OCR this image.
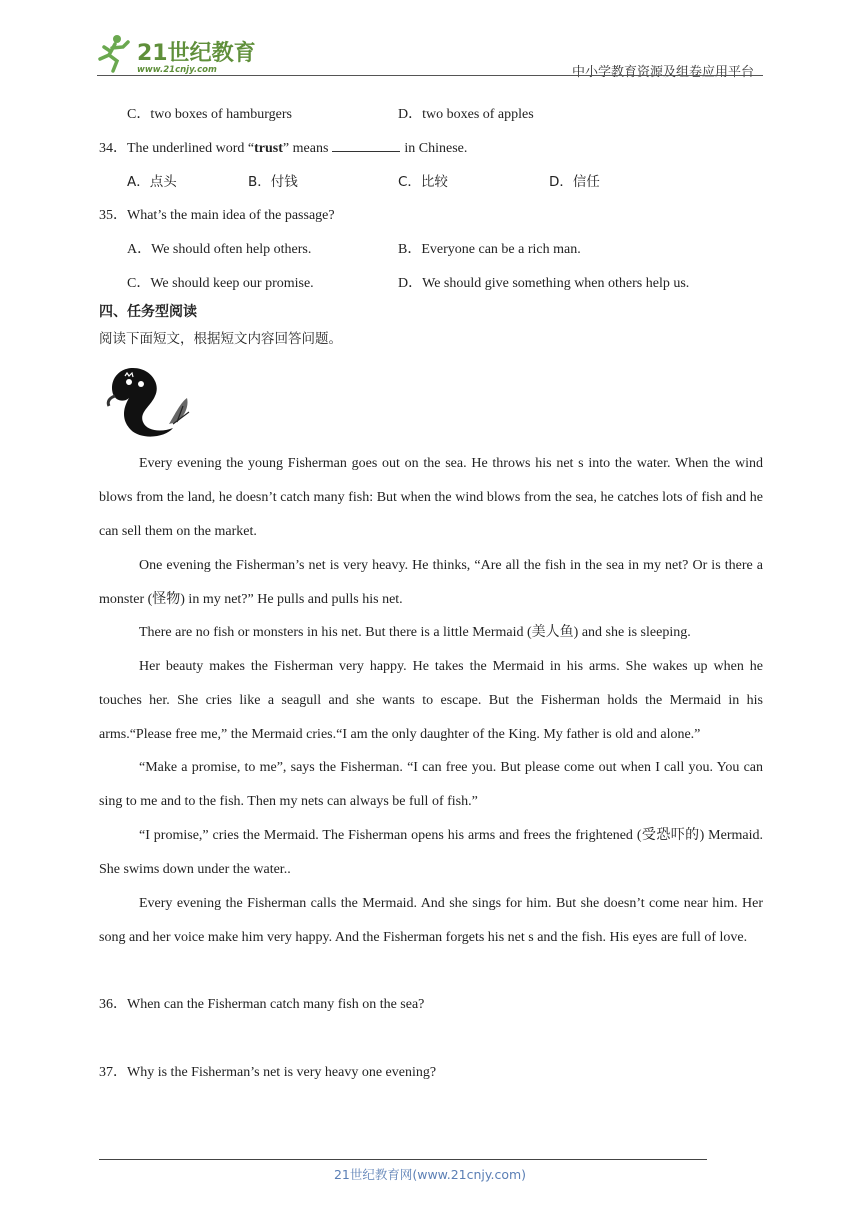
21世纪教育
www.21cnjy.com	中小学教育资源及组卷应用平台
C．two boxes of hamburgers	D．two boxes of apples
34．The underlined word “trust” means	in Chinese.
A．点头	B．付钱	C．比较	D．信任
35．What’s the main idea of the passage?
A．We should often help others.	B．Everyone can be a rich man.
C．We should keep our promise.	D．We should give something when others help us.
四、任务型阅读
阅读下面短文，根据短文内容回答问题。
Every evening the young Fisherman goes out on the sea. He throws his net s into the water. When the wind blows from the land, he doesn’t catch many fish: But when the wind blows from the sea, he catches lots of fish and he can sell them on the market.
One evening the Fisherman’s net is very heavy. He thinks, “Are all the fish in the sea in my net? Or is there a monster (怪物) in my net?” He pulls and pulls his net.
There are no fish or monsters in his net. But there is a little Mermaid (美人鱼) and she is sleeping.
Her beauty makes the Fisherman very happy. He takes the Mermaid in his arms. She wakes up when he touches her. She cries like a seagull and she wants to escape. But the Fisherman holds the Mermaid in his arms.“Please free me,” the Mermaid cries.“I am the only daughter of the King. My father is old and alone.”
“Make a promise, to me”, says the Fisherman. “I can free you. But please come out when I call you. You can sing to me and to the fish. Then my nets can always be full of fish.”
“I promise,” cries the Mermaid. The Fisherman opens his arms and frees the frightened (受恐吓的) Mermaid. She swims down under the water..
Every evening the Fisherman calls the Mermaid. And she sings for him. But she doesn’t come near him. Her song and her voice make him very happy. And the Fisherman forgets his net s and the fish. His eyes are full of love.
36．When can the Fisherman catch many fish on the sea?
37．Why is the Fisherman’s net is very heavy one evening?
21世纪教育网(www.21cnjy.com)
